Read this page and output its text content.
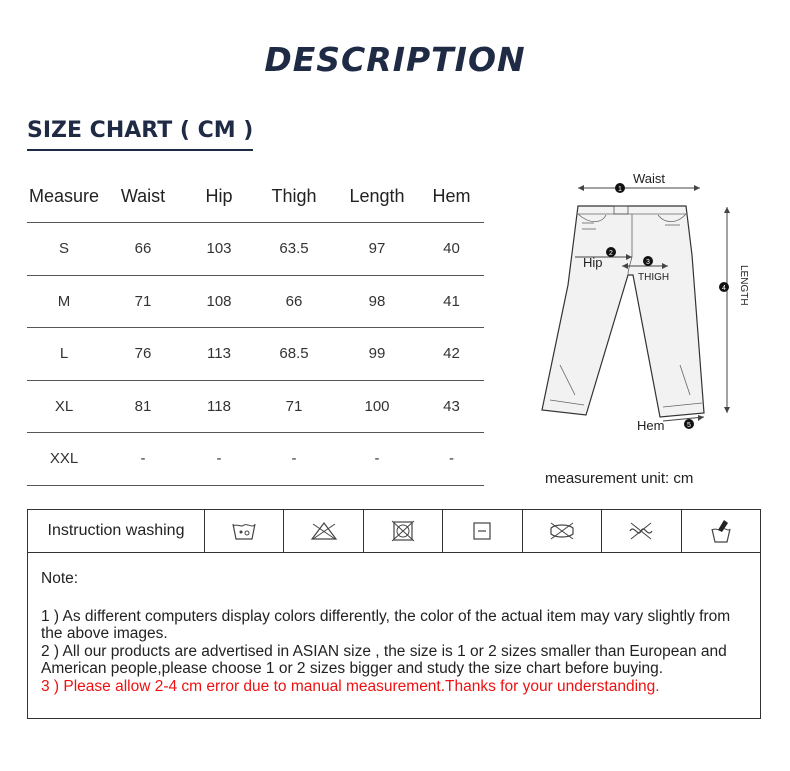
DESCRIPTION
SIZE CHART ( CM )
Measure	Waist	Hip	Thigh	Length	Hem
S	66	103	63.5	97	40
M	71	108	66	98	41
L	76	113	68.5	99	42
XL	81	118	71	100	43
XXL	-	-	-	-	-
1
Waist
2
Hip	3
THIGH
4 LENGTH
5
Hem
measurement unit: cm
Instruction washing
Note:
1 ) As different computers display colors differently, the color of the actual item may vary slightly from the above images.
2 ) All our products are advertised in ASIAN size , the size is 1 or 2 sizes smaller than European and American people,please choose 1 or 2 sizes bigger and study the size chart before buying.
3 ) Please allow 2-4 cm error due to manual measurement.Thanks for your understanding.
